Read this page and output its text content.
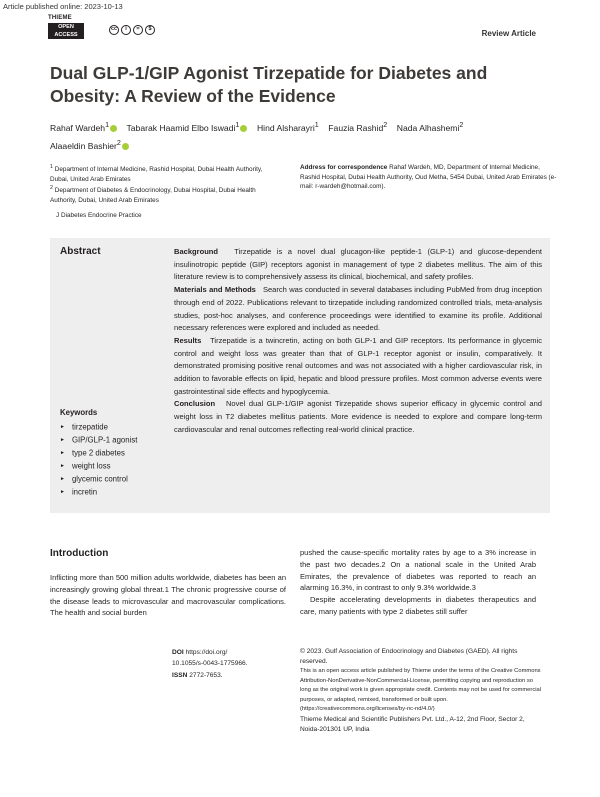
Article published online: 2023-10-13
THIEME
OPEN ACCESS
cc	i	=	$	Review Article
Dual GLP-1/GIP Agonist Tirzepatide for Diabetes and Obesity: A Review of the Evidence
Rahaf Wardeh$^1$ Tabarak Haamid Elbo Iswadi$^1$ Hind Alsharayri$^1$ Fauzia Rashid$^2$ Nada Alhashemi$^2$
Alaaeldin Bashier$^2$
$^1$ Department of Internal Medicine, Rashid Hospital, Dubai Health Authority, Dubai, United Arab Emirates
$^2$ Department of Diabetes & Endocrinology, Dubai Hospital, Dubai Health Authority, Dubai, United Arab Emirates
Address for correspondence Rahaf Wardeh, MD, Department of Internal Medicine, Rashid Hospital, Dubai Health Authority, Oud Metha, 5454 Dubai, United Arab Emirates (e-mail: r-wardeh@hotmail.com).
J Diabetes Endocrine Practice
Abstract	Background Tirzepatide is a novel dual glucagon-like peptide-1 (GLP-1) and glucose-dependent insulinotropic peptide (GIP) receptors agonist in management of type 2 diabetes mellitus. The aim of this literature review is to comprehensively assess its clinical, biochemical, and safety profiles.

Materials and Methods Search was conducted in several databases including PubMed from drug inception through end of 2022. Publications relevant to tirzepatide including randomized controlled trials, meta-analysis studies, post-hoc analyses, and conference proceedings were identified to examine its profile. Additional necessary references were explored and included as needed.

Results Tirzepatide is a twincretin, acting on both GLP-1 and GIP receptors. Its performance in glycemic control and weight loss was greater than that of GLP-1 receptor agonist or insulin, comparatively. It demonstrated promising positive renal outcomes and was not associated with a higher cardiovascular risk, in addition to favorable effects on lipid, hepatic and blood pressure profiles. Most common adverse events were gastrointestinal side effects and hypoglycemia.

Conclusion Novel dual GLP-1/GIP agonist Tirzepatide shows superior efficacy in glycemic control and weight loss in T2 diabetes mellitus patients. More evidence is needed to explore and compare long-term cardiovascular and renal outcomes reflecting real-world clinical practice.

Keywords
► tirzepatide
► GIP/GLP-1 agonist
► type 2 diabetes
► weight loss
► glycemic control
► incretin
Introduction

Inflicting more than 500 million adults worldwide, diabetes has been an increasingly growing global threat.1 The chronic progressive course of the disease leads to microvascular and macrovascular complications. The health and social burden

pushed the cause-specific mortality rates by age to a 3% increase in the past two decades.2 On a national scale in the United Arab Emirates, the prevalence of diabetes was reported to reach an alarming 16.3%, in contrast to only 9.3% worldwide.3

Despite accelerating developments in diabetes therapeutics and care, many patients with type 2 diabetes still suffer

DOI https://doi.org/
10.1055/s-0043-1775966.
ISSN 2772-7653.
© 2023. Gulf Association of Endocrinology and Diabetes (GAED). All rights reserved.
This is an open access article published by Thieme under the terms of the Creative Commons Attribution-NonDerivative-NonCommercial-License, permitting copying and reproduction so long as the original work is given appropriate credit. Contents may not be used for commercial purposes, or adapted, remixed, transformed or built upon. (https://creativecommons.org/licenses/by-nc-nd/4.0/)
Thieme Medical and Scientific Publishers Pvt. Ltd., A-12, 2nd Floor, Sector 2, Noida-201301 UP, India
